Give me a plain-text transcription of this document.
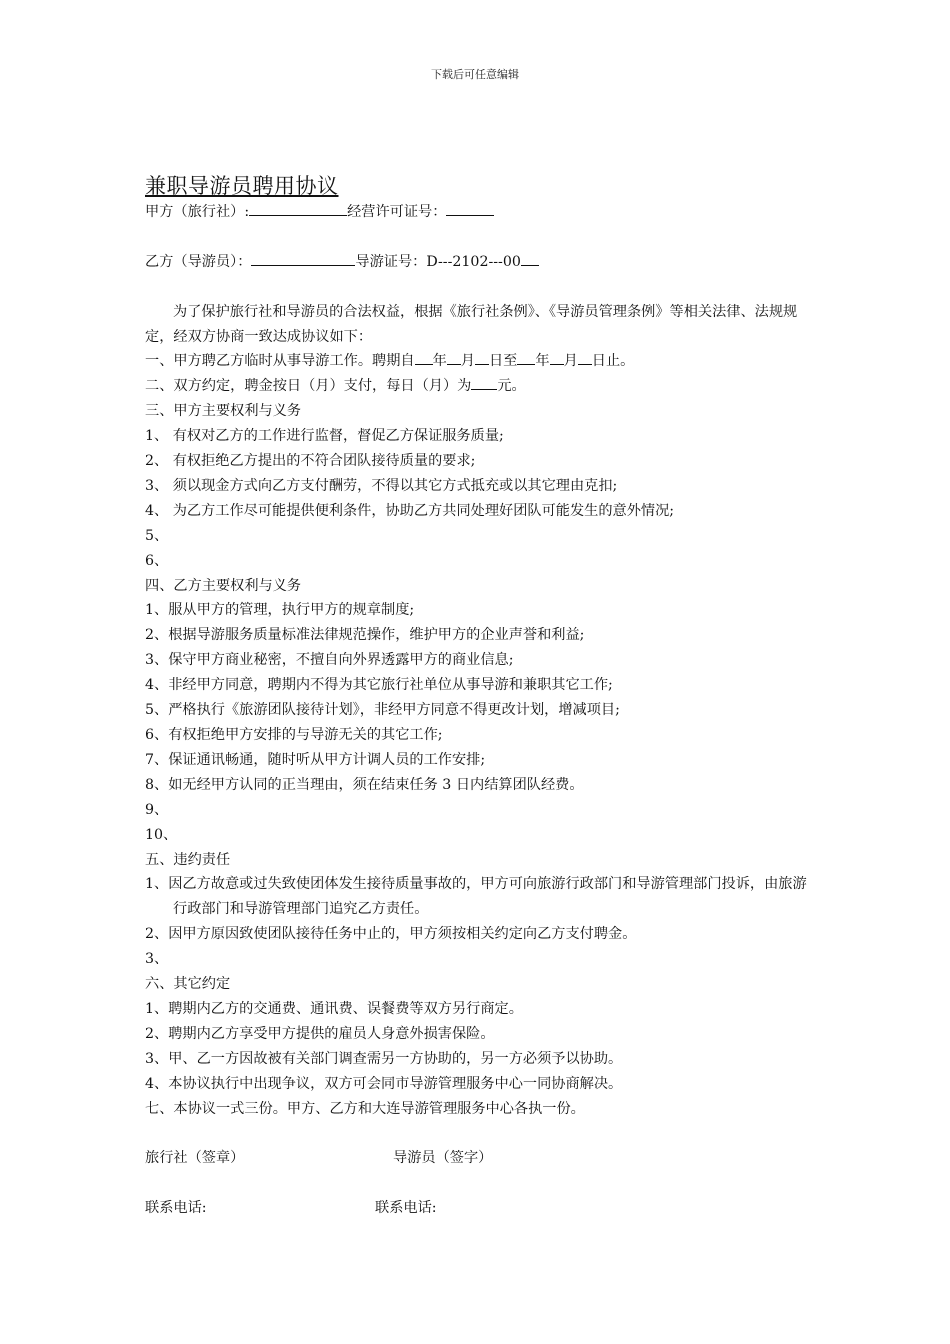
下载后可任意编辑
兼职导游员聘用协议
甲方（旅行社）:	经营许可证号：
乙方（导游员）：	导游证号：D---2102---00
为了保护旅行社和导游员的合法权益，根据《旅行社条例》、《导游员管理条例》等相关法律、法规规定，经双方协商一致达成协议如下：
一、甲方聘乙方临时从事导游工作。聘期自 年 月 日至 年 月 日止。
二、双方约定，聘金按日（月）支付，每日（月）为 元。
三、甲方主要权利与义务
1、 有权对乙方的工作进行监督，督促乙方保证服务质量;
2、 有权拒绝乙方提出的不符合团队接待质量的要求;
3、 须以现金方式向乙方支付酬劳，不得以其它方式抵充或以其它理由克扣;
4、 为乙方工作尽可能提供便利条件，协助乙方共同处理好团队可能发生的意外情况;
5、
6、
四、乙方主要权利与义务
1、服从甲方的管理，执行甲方的规章制度;
2、根据导游服务质量标准法律规范操作，维护甲方的企业声誉和利益;
3、保守甲方商业秘密，不擅自向外界透露甲方的商业信息;
4、非经甲方同意，聘期内不得为其它旅行社单位从事导游和兼职其它工作;
5、严格执行《旅游团队接待计划》，非经甲方同意不得更改计划，增减项目;
6、有权拒绝甲方安排的与导游无关的其它工作;
7、保证通讯畅通，随时听从甲方计调人员的工作安排;
8、如无经甲方认同的正当理由，须在结束任务 3 日内结算团队经费。
9、
10、
五、违约责任
1、因乙方故意或过失致使团体发生接待质量事故的，甲方可向旅游行政部门和导游管理部门投诉，由旅游行政部门和导游管理部门追究乙方责任。
2、因甲方原因致使团队接待任务中止的，甲方须按相关约定向乙方支付聘金。
3、
六、其它约定
1、聘期内乙方的交通费、通讯费、误餐费等双方另行商定。
2、聘期内乙方享受甲方提供的雇员人身意外损害保险。
3、甲、乙一方因故被有关部门调查需另一方协助的，另一方必须予以协助。
4、本协议执行中出现争议，双方可会同市导游管理服务中心一同协商解决。
七、本协议一式三份。甲方、乙方和大连导游管理服务中心各执一份。
旅行社（签章）	导游员（签字）
联系电话:	联系电话:
